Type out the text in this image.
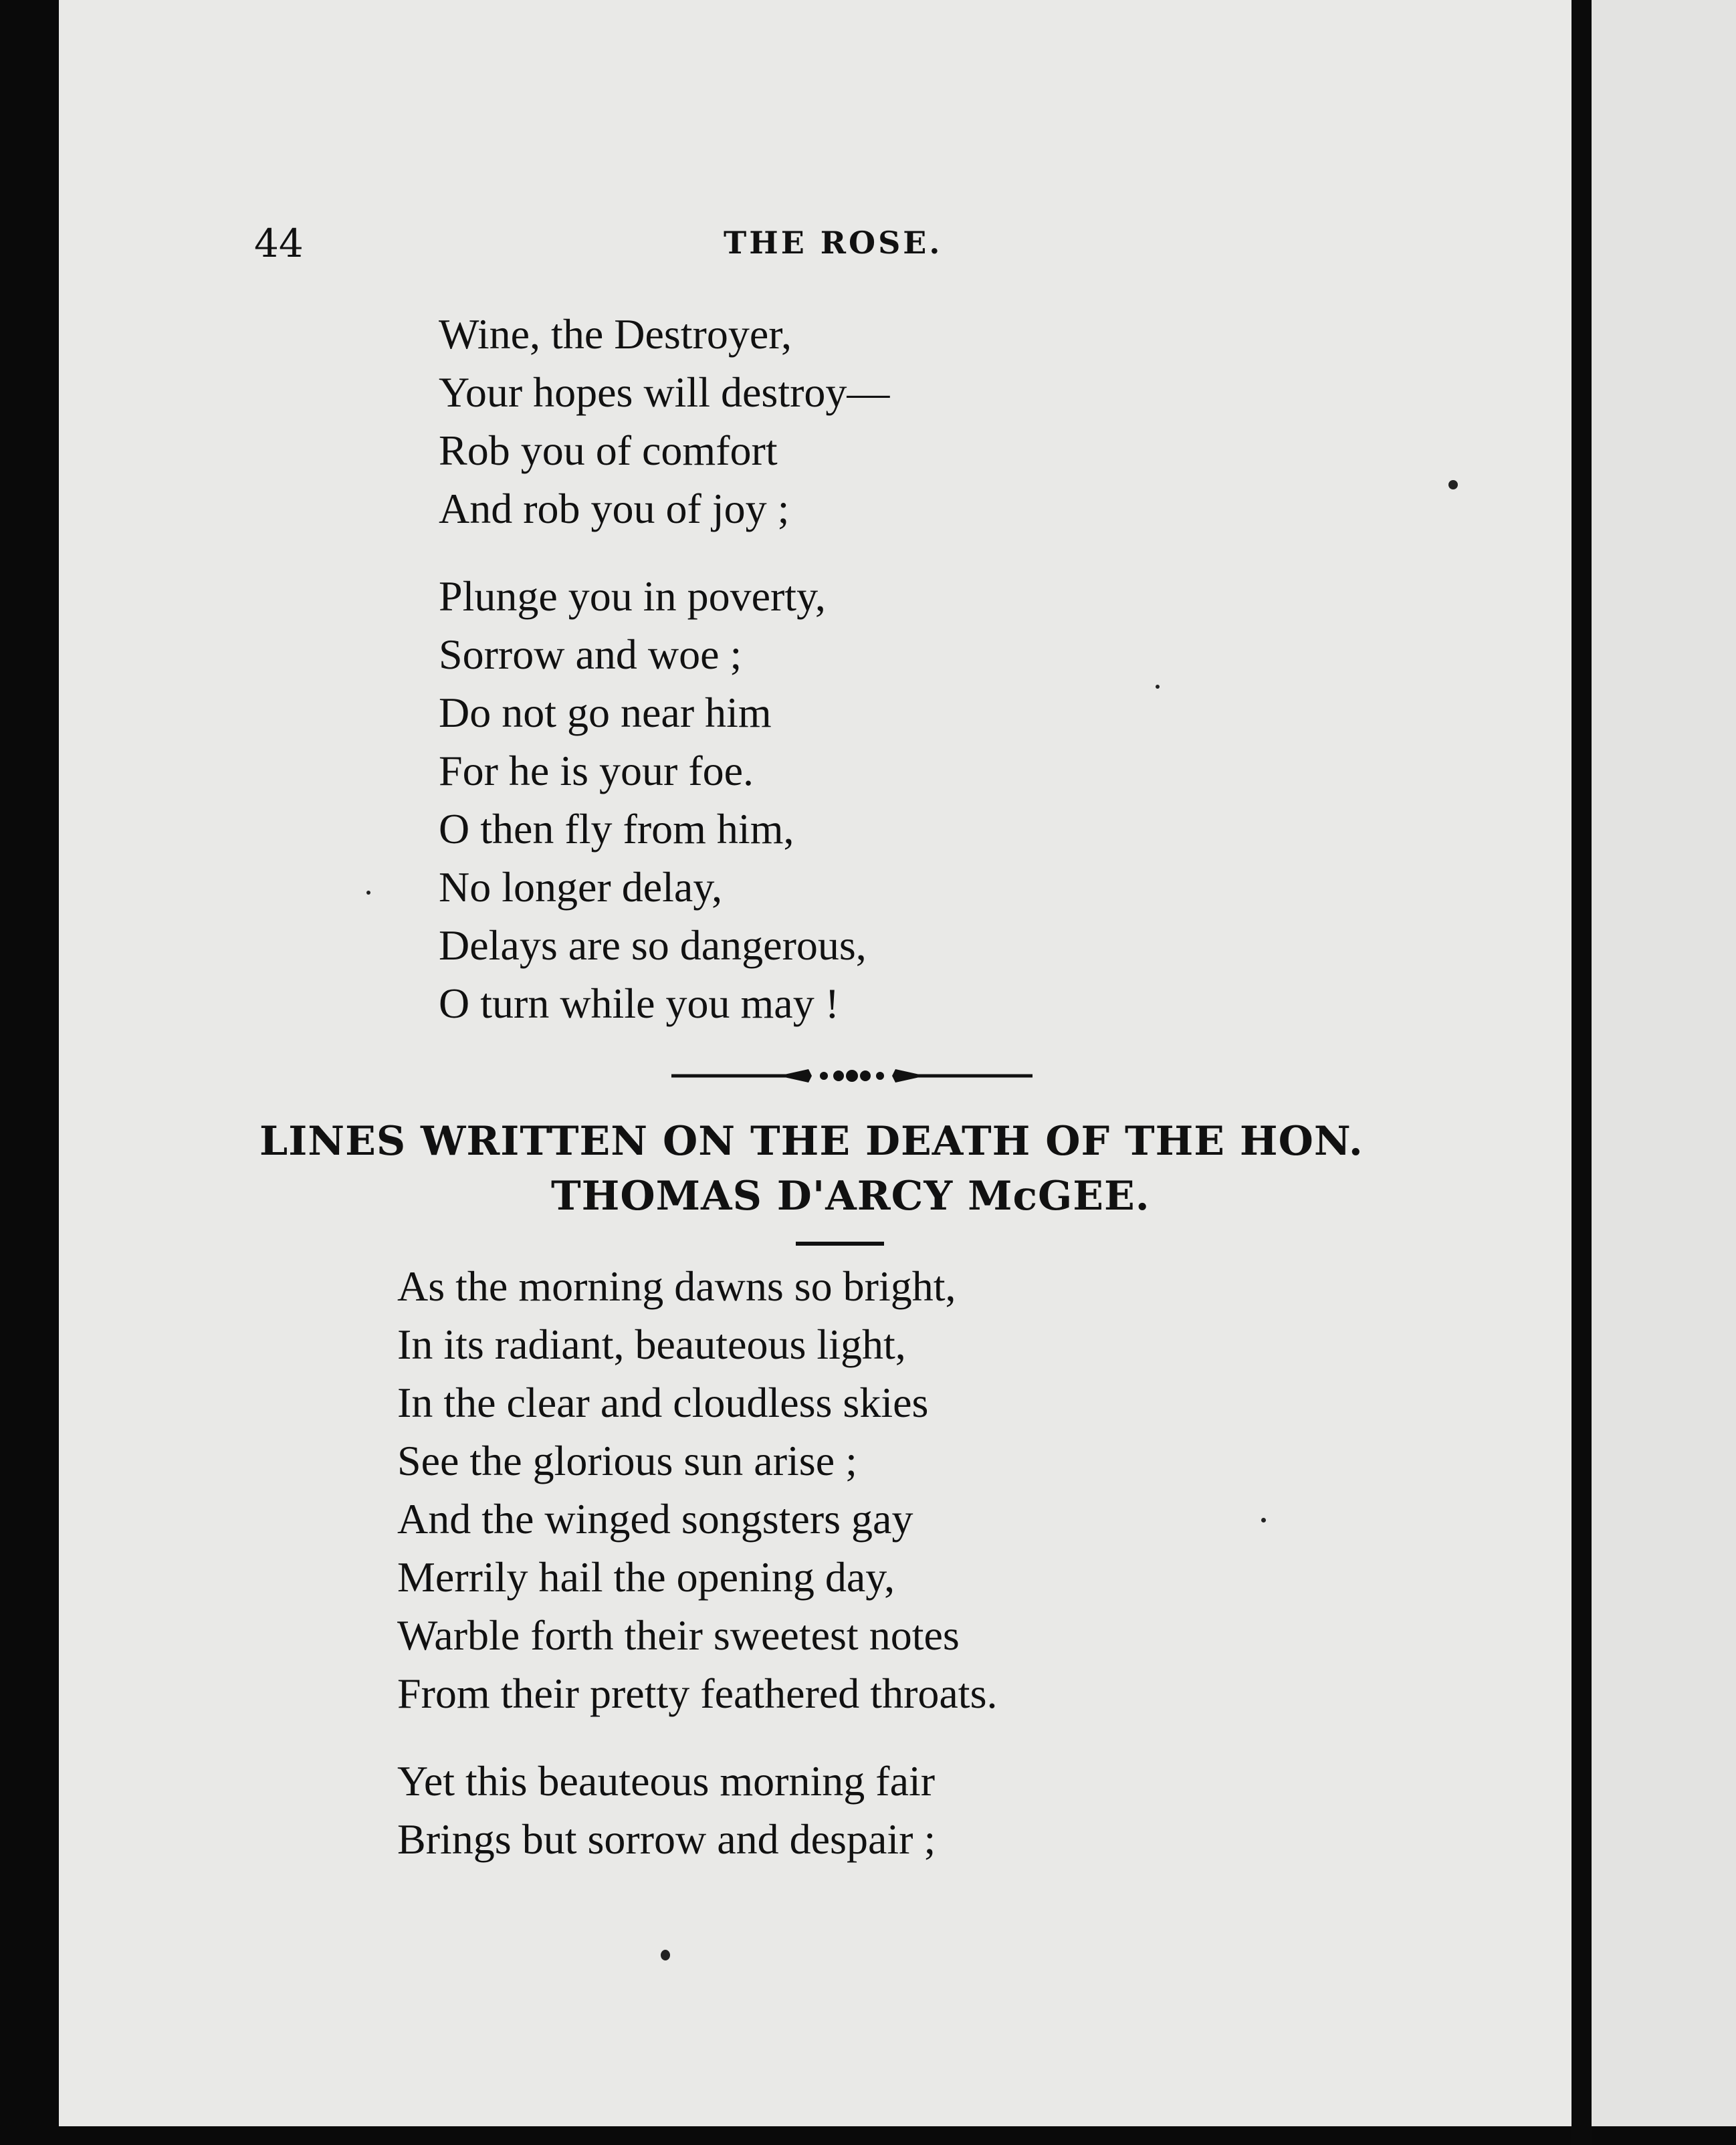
44	THE ROSE.
Wine, the Destroyer,
Your hopes will destroy—
Rob you of comfort
And rob you of joy ;
Plunge you in poverty,
Sorrow and woe ;
Do not go near him
For he is your foe.
O then fly from him,
No longer delay,
Delays are so dangerous,
O turn while you may !
LINES WRITTEN ON THE DEATH OF THE HON.
THOMAS D'ARCY McGEE.
As the morning dawns so bright,
In its radiant, beauteous light,
In the clear and cloudless skies
See the glorious sun arise ;
And the winged songsters gay
Merrily hail the opening day,
Warble forth their sweetest notes
From their pretty feathered throats.
Yet this beauteous morning fair
Brings but sorrow and despair ;
